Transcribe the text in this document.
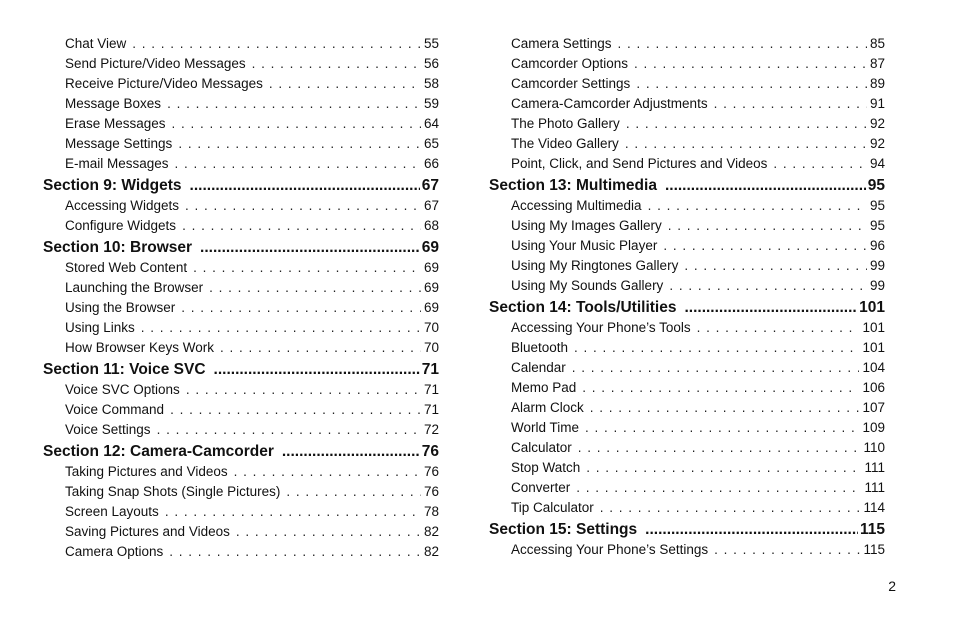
Chat View . . .	55
Send Picture/Video Messages . . .	56
Receive Picture/Video Messages . . .	58
Message Boxes . . .	59
Erase Messages . . .	64
Message Settings . . .	65
E-mail Messages . . .	66
Section 9: Widgets .....	67
Accessing Widgets . . .	67
Configure Widgets . . .	68
Section 10: Browser .....	69
Stored Web Content . . .	69
Launching the Browser . . .	69
Using the Browser . . .	69
Using Links . . .	70
How Browser Keys Work . . .	70
Section 11: Voice SVC .....	71
Voice SVC Options . . .	71
Voice Command . . .	71
Voice Settings . . .	72
Section 12: Camera-Camcorder .....	76
Taking Pictures and Videos . . .	76
Taking Snap Shots (Single Pictures) . . .	76
Screen Layouts . . .	78
Saving Pictures and Videos . . .	82
Camera Options . . .	82
Camera Settings . . .	85
Camcorder Options . . .	87
Camcorder Settings . . .	89
Camera-Camcorder Adjustments . . .	91
The Photo Gallery . . .	92
The Video Gallery . . .	92
Point, Click, and Send Pictures and Videos . . .	94
Section 13: Multimedia .....	95
Accessing Multimedia . . .	95
Using My Images Gallery . . .	95
Using Your Music Player . . .	96
Using My Ringtones Gallery . . .	99
Using My Sounds Gallery . . .	99
Section 14: Tools/Utilities .....	101
Accessing Your Phone’s Tools . . .	101
Bluetooth . . .	101
Calendar . . .	104
Memo Pad . . .	106
Alarm Clock . . .	107
World Time . . .	109
Calculator . . .	110
Stop Watch . . .	111
Converter . . .	111
Tip Calculator . . .	114
Section 15: Settings .....	115
Accessing Your Phone’s Settings . . .	115
2
